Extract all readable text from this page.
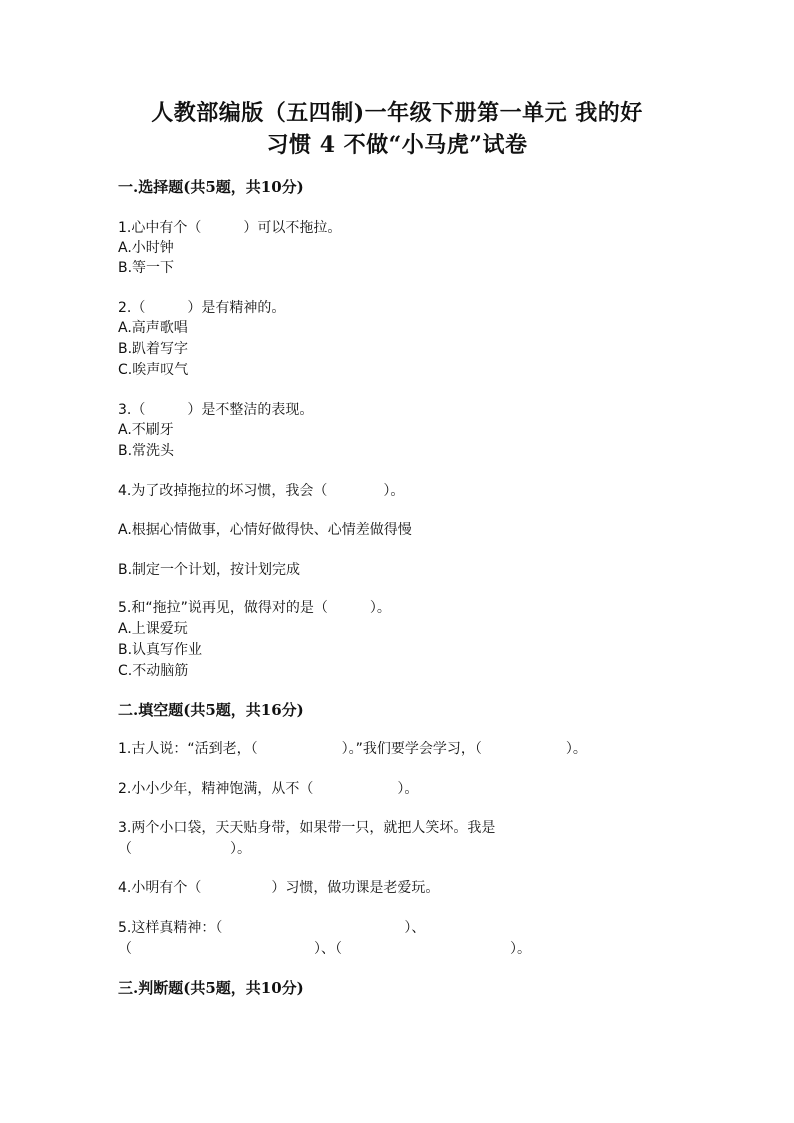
人教部编版（五四制)一年级下册第一单元 我的好
习惯 4 不做“小马虎”试卷
一.选择题(共5题，共10分)
1.心中有个（　　　）可以不拖拉。
A.小时钟
B.等一下
2.（　　　）是有精神的。
A.高声歌唱
B.趴着写字
C.唉声叹气
3.（　　　）是不整洁的表现。
A.不刷牙
B.常洗头
4.为了改掉拖拉的坏习惯，我会（　　　　）。
A.根据心情做事，心情好做得快、心情差做得慢
B.制定一个计划，按计划完成
5.和“拖拉”说再见，做得对的是（　　　）。
A.上课爱玩
B.认真写作业
C.不动脑筋
二.填空题(共5题，共16分)
1.古人说：“活到老，（　　　　　　）。”我们要学会学习，（　　　　　　）。
2.小小少年，精神饱满，从不（　　　　　　）。
3.两个小口袋，天天贴身带，如果带一只，就把人笑坏。我是
（　　　　　　　）。
4.小明有个（　　　　　）习惯，做功课是老爱玩。
5.这样真精神：（　　　　　　　　　　　　　）、
（　　　　　　　　　　　　　）、（　　　　　　　　　　　　）。
三.判断题(共5题，共10分)
